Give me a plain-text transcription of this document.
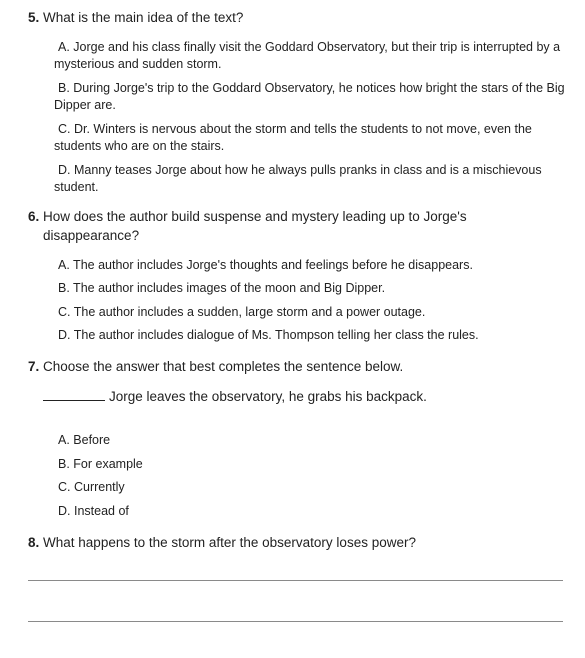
5. What is the main idea of the text?
A. Jorge and his class finally visit the Goddard Observatory, but their trip is interrupted by a mysterious and sudden storm.
B. During Jorge's trip to the Goddard Observatory, he notices how bright the stars of the Big Dipper are.
C. Dr. Winters is nervous about the storm and tells the students to not move, even the students who are on the stairs.
D. Manny teases Jorge about how he always pulls pranks in class and is a mischievous student.
6. How does the author build suspense and mystery leading up to Jorge's
disappearance?
A. The author includes Jorge's thoughts and feelings before he disappears.
B. The author includes images of the moon and Big Dipper.
C. The author includes a sudden, large storm and a power outage.
D. The author includes dialogue of Ms. Thompson telling her class the rules.
7. Choose the answer that best completes the sentence below.
Jorge leaves the observatory, he grabs his backpack.
A. Before
B. For example
C. Currently
D. Instead of
8. What happens to the storm after the observatory loses power?
